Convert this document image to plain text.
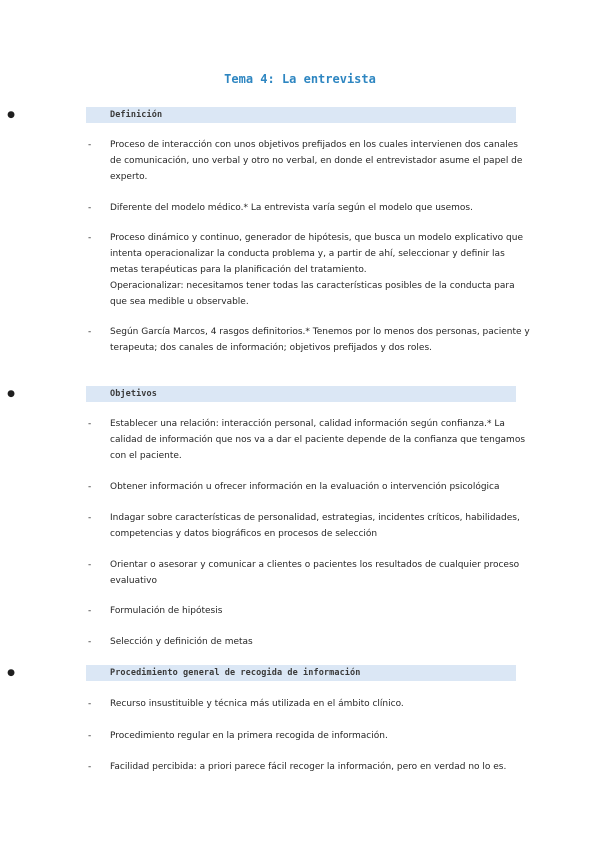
Tema 4: La entrevista
●	Definición
- Proceso de interacción con unos objetivos prefijados en los cuales intervienen dos canales de comunicación, uno verbal y otro no verbal, en donde el entrevistador asume el papel de experto.

- Diferente del modelo médico.* La entrevista varía según el modelo que usemos.

- Proceso dinámico y continuo, generador de hipótesis, que busca un modelo explicativo que intenta operacionalizar la conducta problema y, a partir de ahí, seleccionar y definir las metas terapéuticas para la planificación del tratamiento.

Operacionalizar: necesitamos tener todas las características posibles de la conducta para que sea medible u observable.

- Según García Marcos, 4 rasgos definitorios.* Tenemos por lo menos dos personas, paciente y terapeuta; dos canales de información; objetivos prefijados y dos roles.

●	Objetivos
- Establecer una relación: interacción personal, calidad información según confianza.* La calidad de información que nos va a dar el paciente depende de la confianza que tengamos con el paciente.

- Obtener información u ofrecer información en la evaluación o intervención psicológica

- Indagar sobre características de personalidad, estrategias, incidentes críticos, habilidades, competencias y datos biográficos en procesos de selección

- Orientar o asesorar y comunicar a clientes o pacientes los resultados de cualquier proceso evaluativo

- Formulación de hipótesis

- Selección y definición de metas

●	Procedimiento general de recogida de información
- Recurso insustituible y técnica más utilizada en el ámbito clínico.

- Procedimiento regular en la primera recogida de información.

- Facilidad percibida: a priori parece fácil recoger la información, pero en verdad no lo es.
